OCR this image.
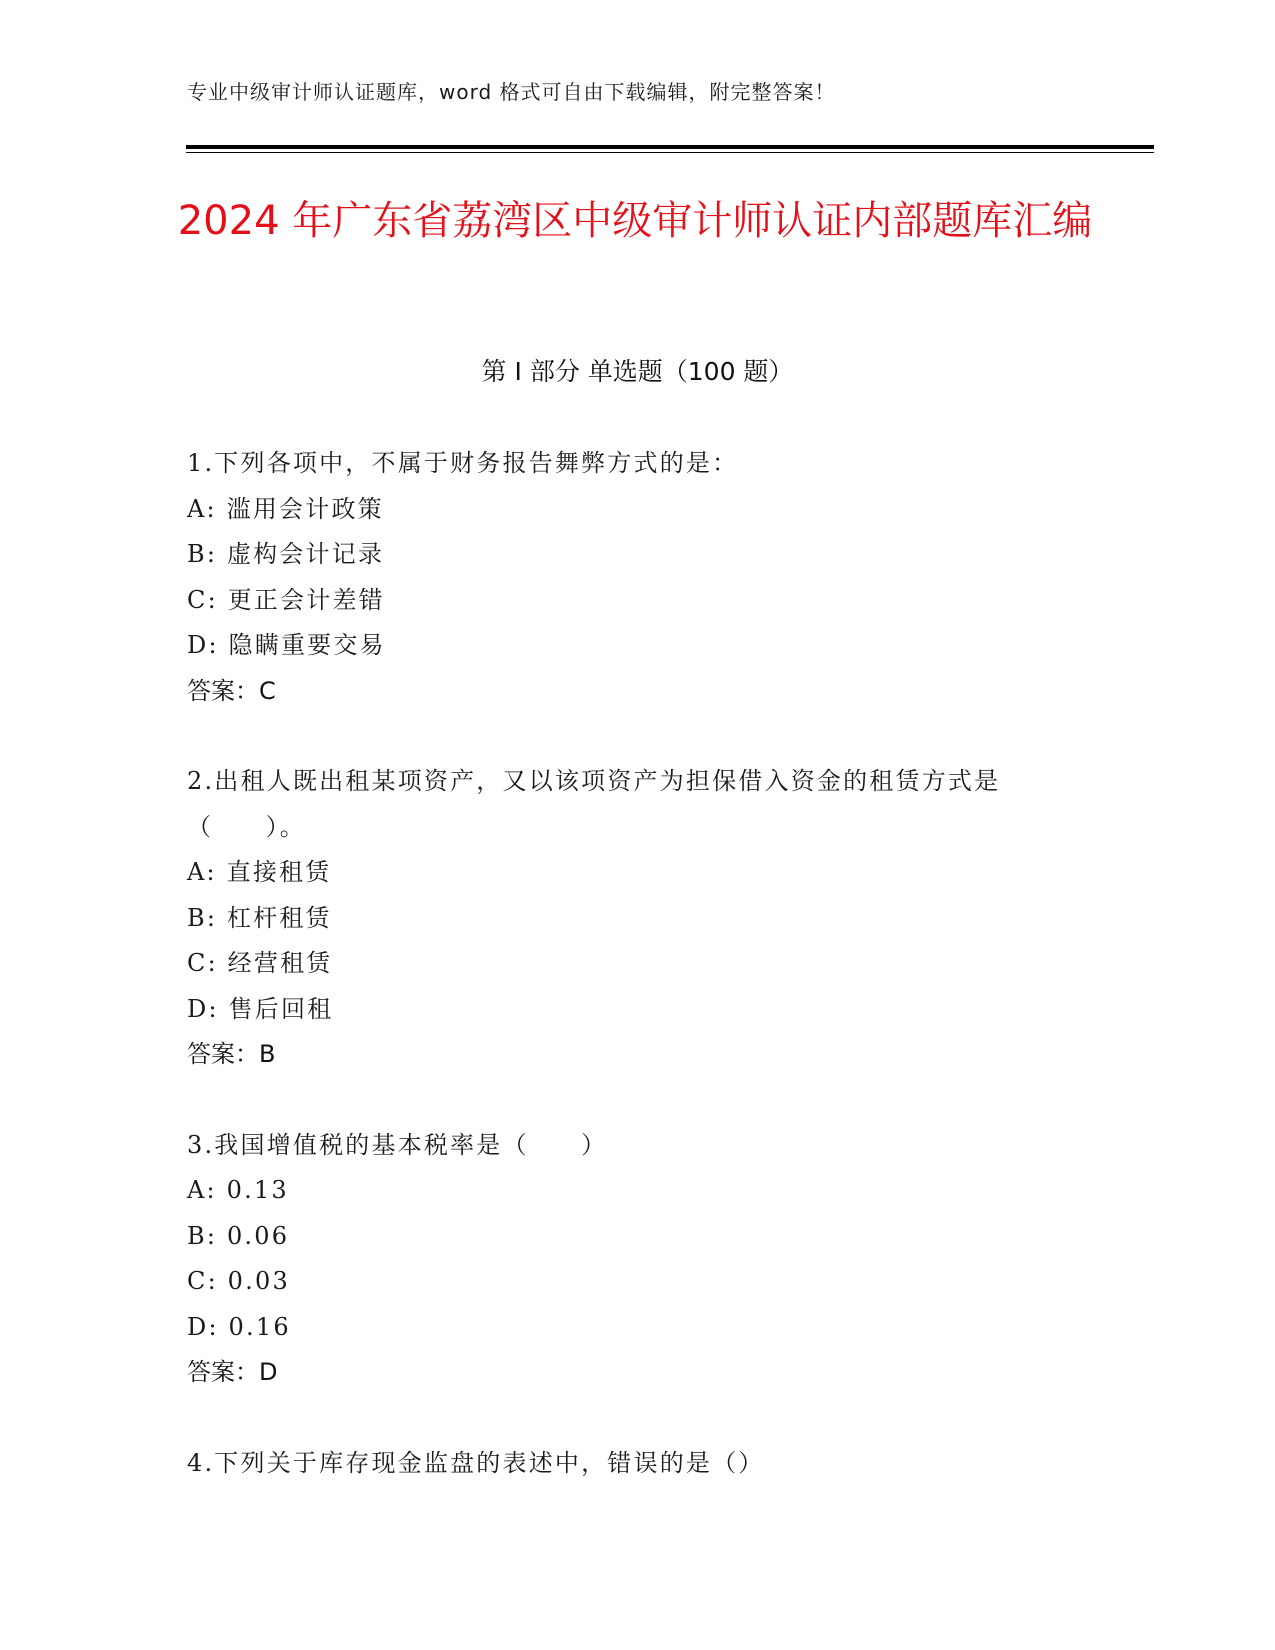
专业中级审计师认证题库，word 格式可自由下载编辑，附完整答案！
2024 年广东省荔湾区中级审计师认证内部题库汇编
第 I 部分 单选题（100 题）
1.下列各项中，不属于财务报告舞弊方式的是：
A: 滥用会计政策
B: 虚构会计记录
C: 更正会计差错
D: 隐瞒重要交易
答案：C
2.出租人既出租某项资产，又以该项资产为担保借入资金的租赁方式是（　　）。
A: 直接租赁
B: 杠杆租赁
C: 经营租赁
D: 售后回租
答案：B
3.我国增值税的基本税率是（　　）
A: 0.13
B: 0.06
C: 0.03
D: 0.16
答案：D
4.下列关于库存现金监盘的表述中，错误的是（）
